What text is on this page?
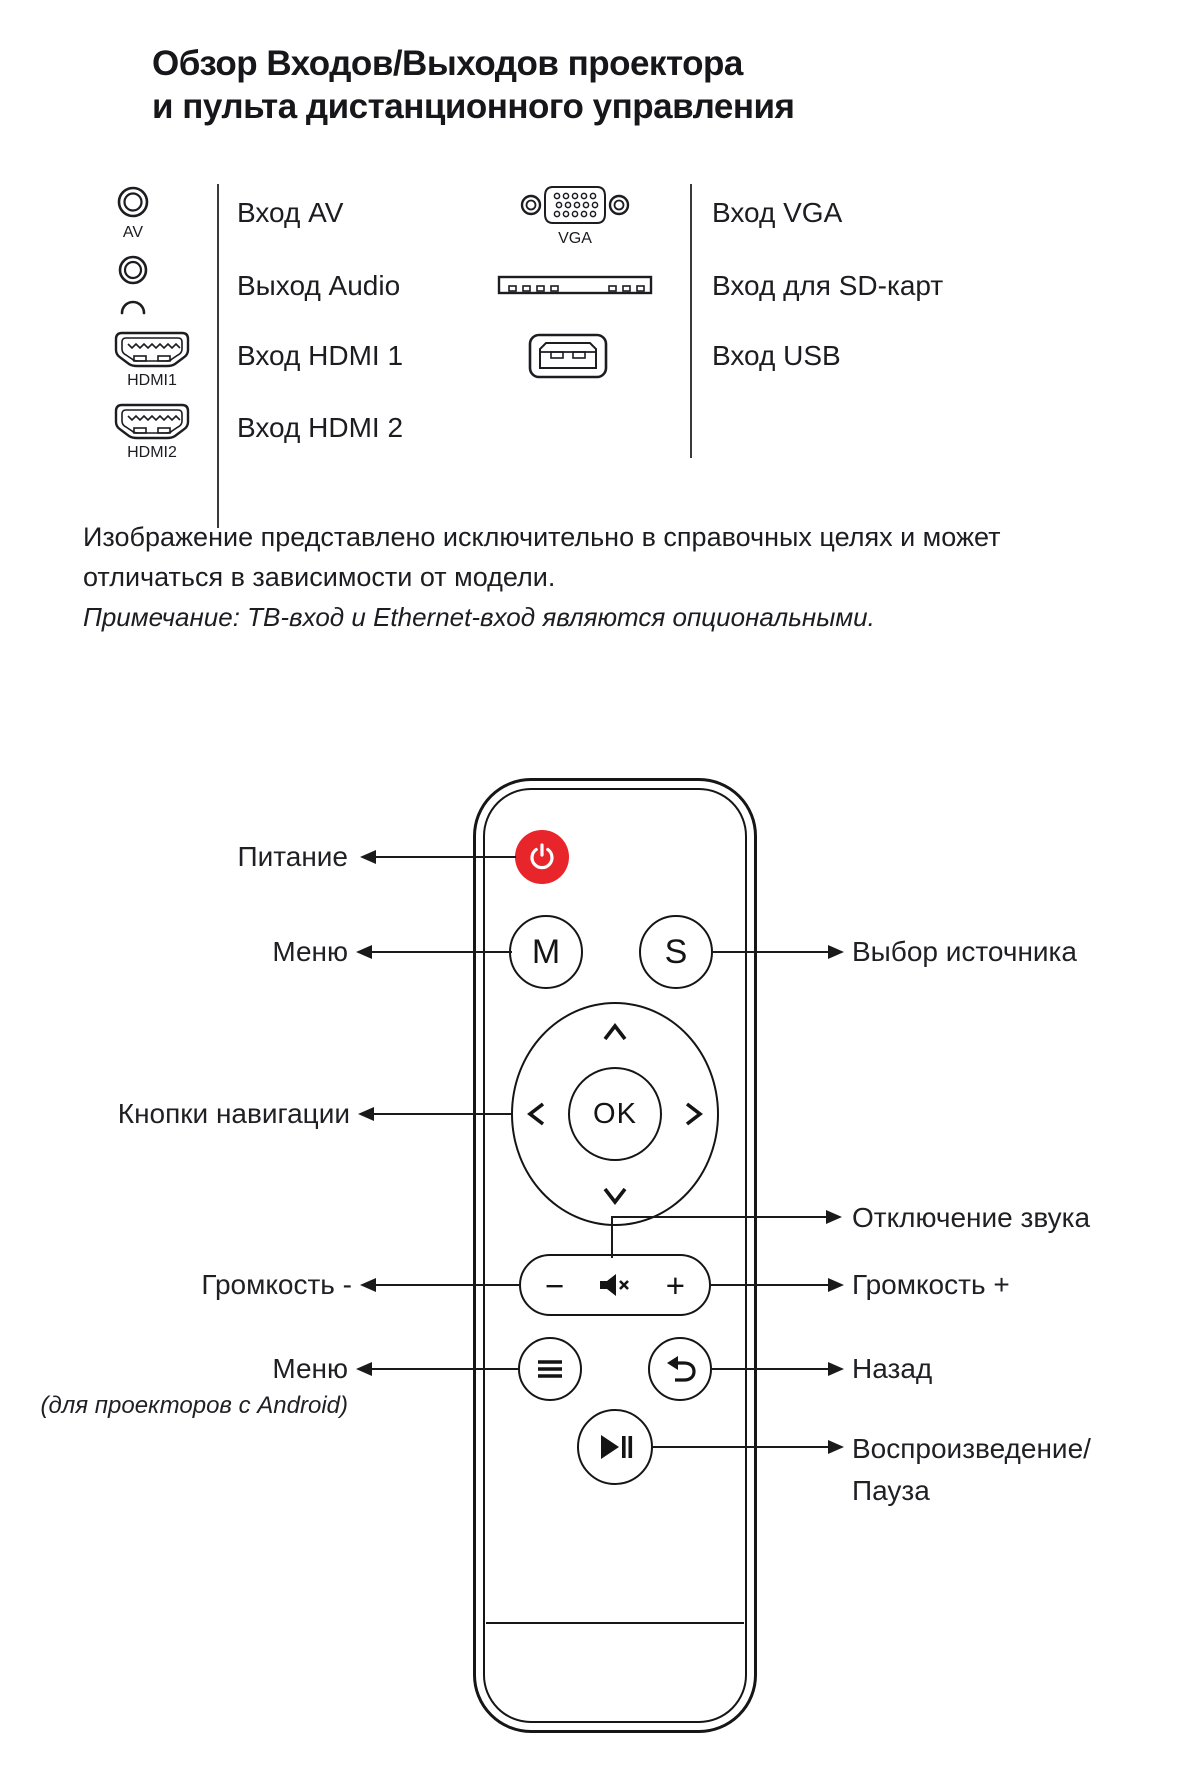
Обзор Входов/Выходов проектора
и пульта дистанционного управления
AV
Вход AV
Выход Audio
HDMI1
Вход HDMI 1
HDMI2
Вход HDMI 2
VGA
Вход VGA
Вход для SD-карт
Вход USB
Изображение представлено исключительно в справочных целях и может отличаться в зависимости от модели.
Примечание: ТВ-вход и Ethernet-вход являются опциональными.
M	S
OK
−	+
Питание
Меню	Выбор источника
Кнопки навигации
Отключение звука
Громкость -	Громкость +
Меню
(для проекторов с Android)
Назад
Воспроизведение/
Пауза
